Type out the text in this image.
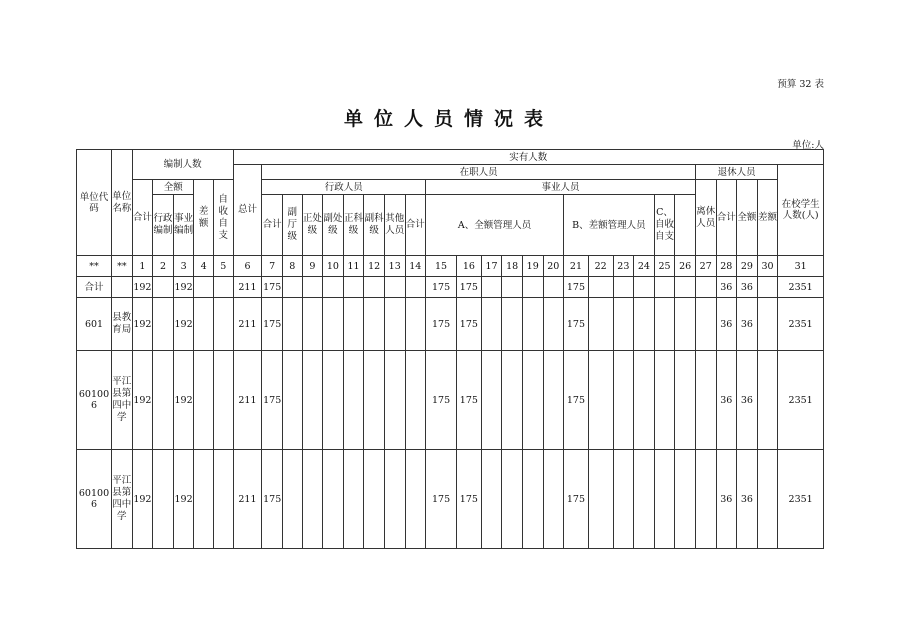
预算 32 表
单位人员情况表
单位:人
单位代码	单位名称	编制人数					实有人数																									
							总计	在职人员																				退休人员				在校学生人数(人)
		合计	全额		差额	自收自支		行政人员								事业人员												离休人员	合计	全额	差额	
			行政编制	事业编制				合计	副厅级	正处级	副处级	正科级	副科级	其他人员	合计	A、全额管理人员						B、差额管理人员				C、自收自支						
**	**	1	2	3	4	5	6	7	8	9	10	11	12	13	14	15	16	17	18	19	20	21	22	23	24	25	26	27	28	29	30	31
合计		192		192			211	175								175	175					175							36	36		2351
601	县教育局	192		192			211	175								175	175					175							36	36		2351
601006	平江县第四中学	192		192			211	175								175	175					175							36	36		2351
601006	平江县第四中学	192		192			211	175								175	175					175							36	36		2351
